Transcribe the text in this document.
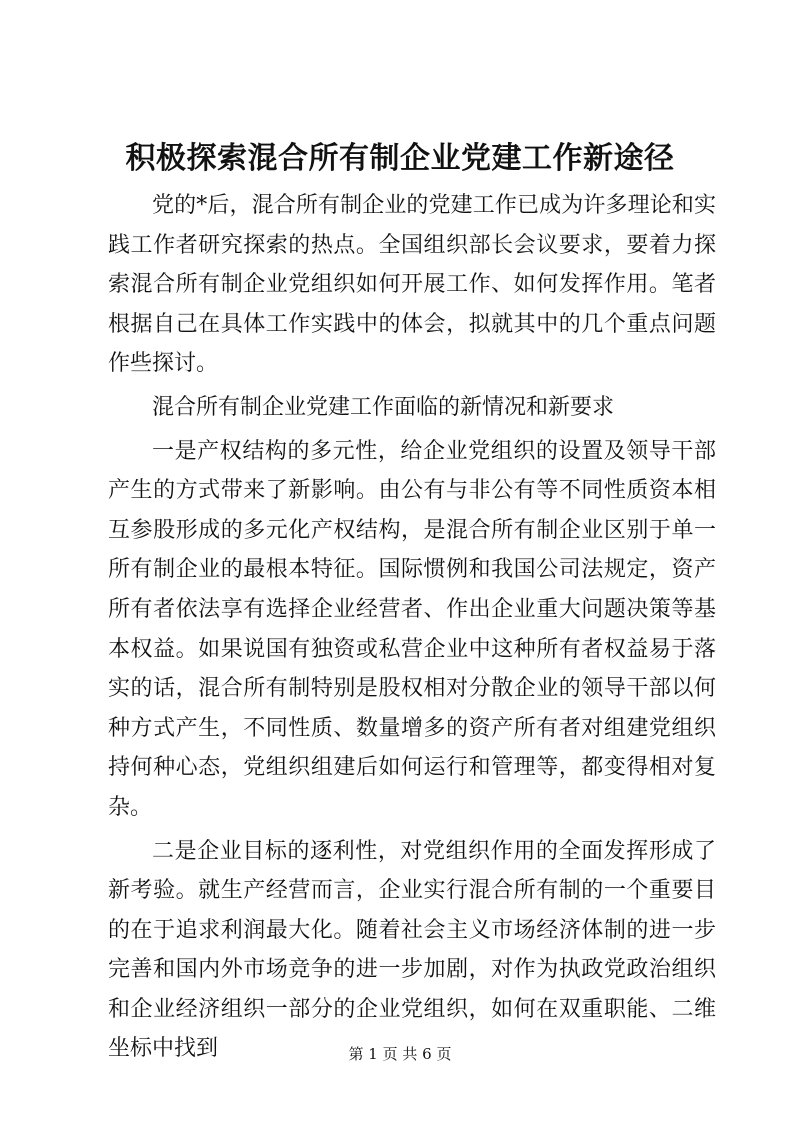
积极探索混合所有制企业党建工作新途径

党的*后，混合所有制企业的党建工作已成为许多理论和实践工作者研究探索的热点。全国组织部长会议要求，要着力探索混合所有制企业党组织如何开展工作、如何发挥作用。笔者根据自己在具体工作实践中的体会，拟就其中的几个重点问题作些探讨。

混合所有制企业党建工作面临的新情况和新要求

一是产权结构的多元性，给企业党组织的设置及领导干部产生的方式带来了新影响。由公有与非公有等不同性质资本相互参股形成的多元化产权结构，是混合所有制企业区别于单一所有制企业的最根本特征。国际惯例和我国公司法规定，资产所有者依法享有选择企业经营者、作出企业重大问题决策等基本权益。如果说国有独资或私营企业中这种所有者权益易于落实的话，混合所有制特别是股权相对分散企业的领导干部以何种方式产生，不同性质、数量增多的资产所有者对组建党组织持何种心态，党组织组建后如何运行和管理等，都变得相对复杂。

二是企业目标的逐利性，对党组织作用的全面发挥形成了新考验。就生产经营而言，企业实行混合所有制的一个重要目的在于追求利润最大化。随着社会主义市场经济体制的进一步完善和国内外市场竞争的进一步加剧，对作为执政党政治组织和企业经济组织一部分的企业党组织，如何在双重职能、二维坐标中找到	第 1 页 共 6 页
